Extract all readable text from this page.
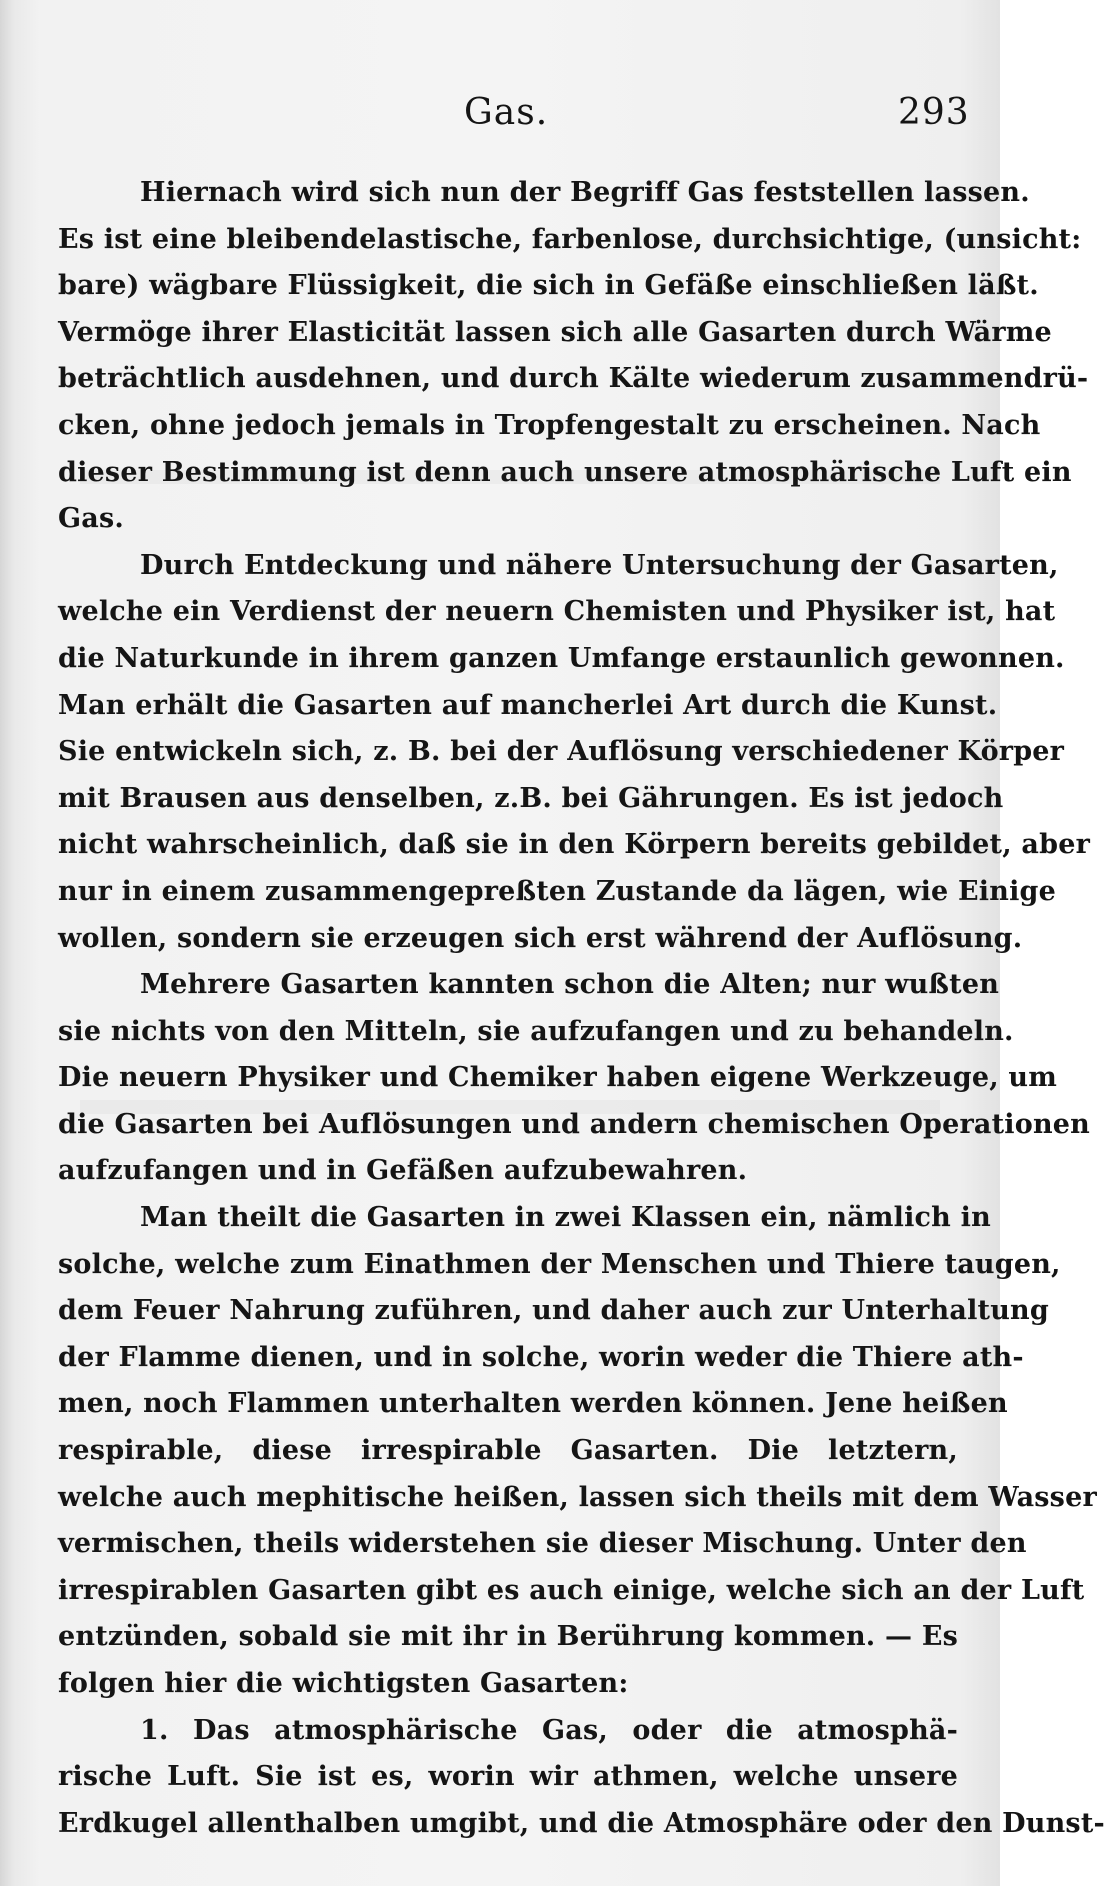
Gas.	293
Hiernach wird sich nun der Begriff Gas feststellen lassen.
Es ist eine bleibendelastische, farbenlose, durchsichtige, (unsicht:
bare) wägbare Flüssigkeit, die sich in Gefäße einschließen läßt.
Vermöge ihrer Elasticität lassen sich alle Gasarten durch Wärme
beträchtlich ausdehnen, und durch Kälte wiederum zusammendrü-
cken, ohne jedoch jemals in Tropfengestalt zu erscheinen. Nach
dieser Bestimmung ist denn auch unsere atmosphärische Luft ein
Gas.
Durch Entdeckung und nähere Untersuchung der Gasarten,
welche ein Verdienst der neuern Chemisten und Physiker ist, hat
die Naturkunde in ihrem ganzen Umfange erstaunlich gewonnen.
Man erhält die Gasarten auf mancherlei Art durch die Kunst.
Sie entwickeln sich, z. B. bei der Auflösung verschiedener Körper
mit Brausen aus denselben, z.B. bei Gährungen. Es ist jedoch
nicht wahrscheinlich, daß sie in den Körpern bereits gebildet, aber
nur in einem zusammengepreßten Zustande da lägen, wie Einige
wollen, sondern sie erzeugen sich erst während der Auflösung.
Mehrere Gasarten kannten schon die Alten; nur wußten
sie nichts von den Mitteln, sie aufzufangen und zu behandeln.
Die neuern Physiker und Chemiker haben eigene Werkzeuge, um
die Gasarten bei Auflösungen und andern chemischen Operationen
aufzufangen und in Gefäßen aufzubewahren.
Man theilt die Gasarten in zwei Klassen ein, nämlich in
solche, welche zum Einathmen der Menschen und Thiere taugen,
dem Feuer Nahrung zuführen, und daher auch zur Unterhaltung
der Flamme dienen, und in solche, worin weder die Thiere ath-
men, noch Flammen unterhalten werden können. Jene heißen
respirable, diese irrespirable Gasarten. Die letztern,
welche auch mephitische heißen, lassen sich theils mit dem Wasser
vermischen, theils widerstehen sie dieser Mischung. Unter den
irrespirablen Gasarten gibt es auch einige, welche sich an der Luft
entzünden, sobald sie mit ihr in Berührung kommen. — Es
folgen hier die wichtigsten Gasarten:
1. Das atmosphärische Gas, oder die atmosphä-
rische Luft. Sie ist es, worin wir athmen, welche unsere
Erdkugel allenthalben umgibt, und die Atmosphäre oder den Dunst-
